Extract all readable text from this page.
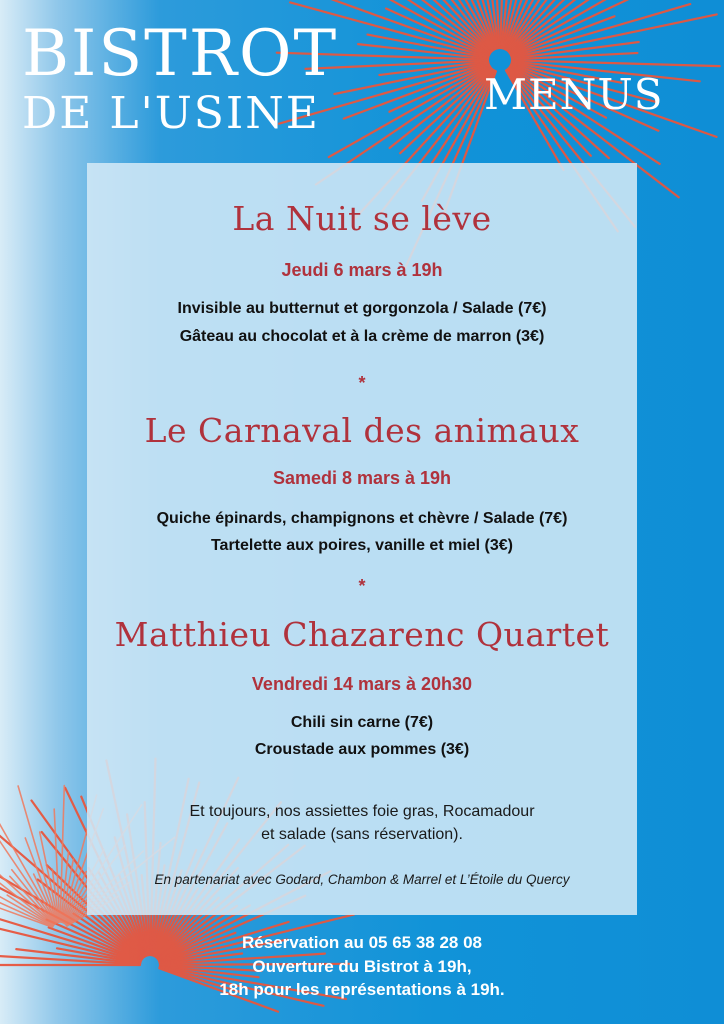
BISTROT
DE L'USINE	MENUS
La Nuit se lève
Jeudi 6 mars à 19h
Invisible au butternut et gorgonzola / Salade (7€)
Gâteau au chocolat et à la crème de marron (3€)
*
Le Carnaval des animaux
Samedi 8 mars à 19h
Quiche épinards, champignons et chèvre / Salade (7€)
Tartelette aux poires, vanille et miel (3€)
*
Matthieu Chazarenc Quartet
Vendredi 14 mars à 20h30
Chili sin carne (7€)
Croustade aux pommes (3€)
Et toujours, nos assiettes foie gras, Rocamadour
et salade (sans réservation).
En partenariat avec Godard, Chambon & Marrel et L’Étoile du Quercy
Réservation au 05 65 38 28 08
Ouverture du Bistrot à 19h,
18h pour les représentations à 19h.
